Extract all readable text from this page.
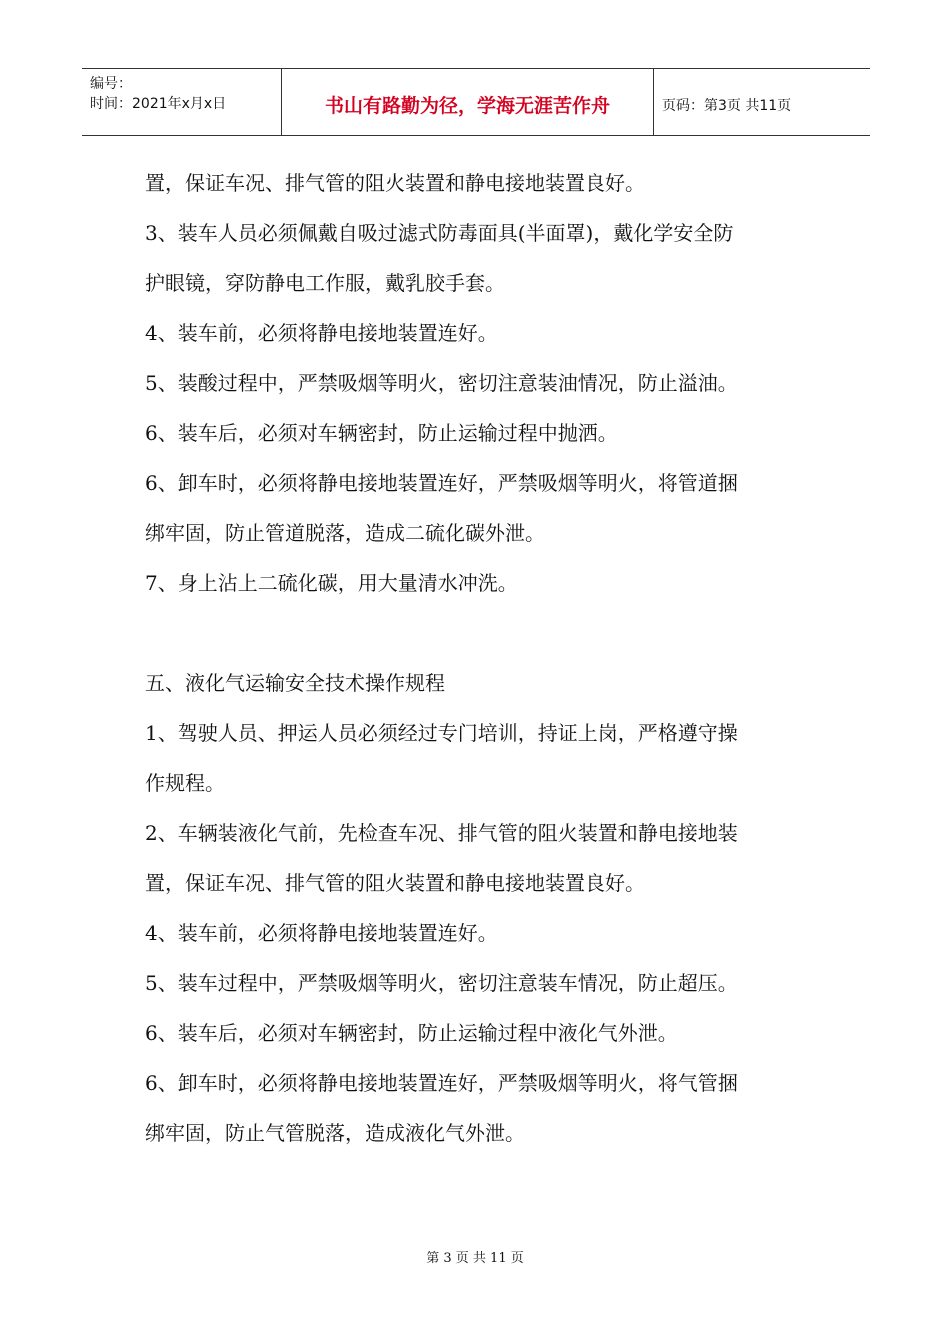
编号：
时间：2021年x月x日	书山有路勤为径，学海无涯苦作舟	页码：第3页 共11页
置，保证车况、排气管的阻火装置和静电接地装置良好。
3、装车人员必须佩戴自吸过滤式防毒面具(半面罩)，戴化学安全防
护眼镜，穿防静电工作服，戴乳胶手套。
4、装车前，必须将静电接地装置连好。
5、装酸过程中，严禁吸烟等明火，密切注意装油情况，防止溢油。
6、装车后，必须对车辆密封，防止运输过程中抛洒。
6、卸车时，必须将静电接地装置连好，严禁吸烟等明火，将管道捆
绑牢固，防止管道脱落，造成二硫化碳外泄。
7、身上沾上二硫化碳，用大量清水冲洗。
五、液化气运输安全技术操作规程
1、驾驶人员、押运人员必须经过专门培训，持证上岗，严格遵守操
作规程。
2、车辆装液化气前，先检查车况、排气管的阻火装置和静电接地装
置，保证车况、排气管的阻火装置和静电接地装置良好。
4、装车前，必须将静电接地装置连好。
5、装车过程中，严禁吸烟等明火，密切注意装车情况，防止超压。
6、装车后，必须对车辆密封，防止运输过程中液化气外泄。
6、卸车时，必须将静电接地装置连好，严禁吸烟等明火，将气管捆
绑牢固，防止气管脱落，造成液化气外泄。
第 3 页 共 11 页
